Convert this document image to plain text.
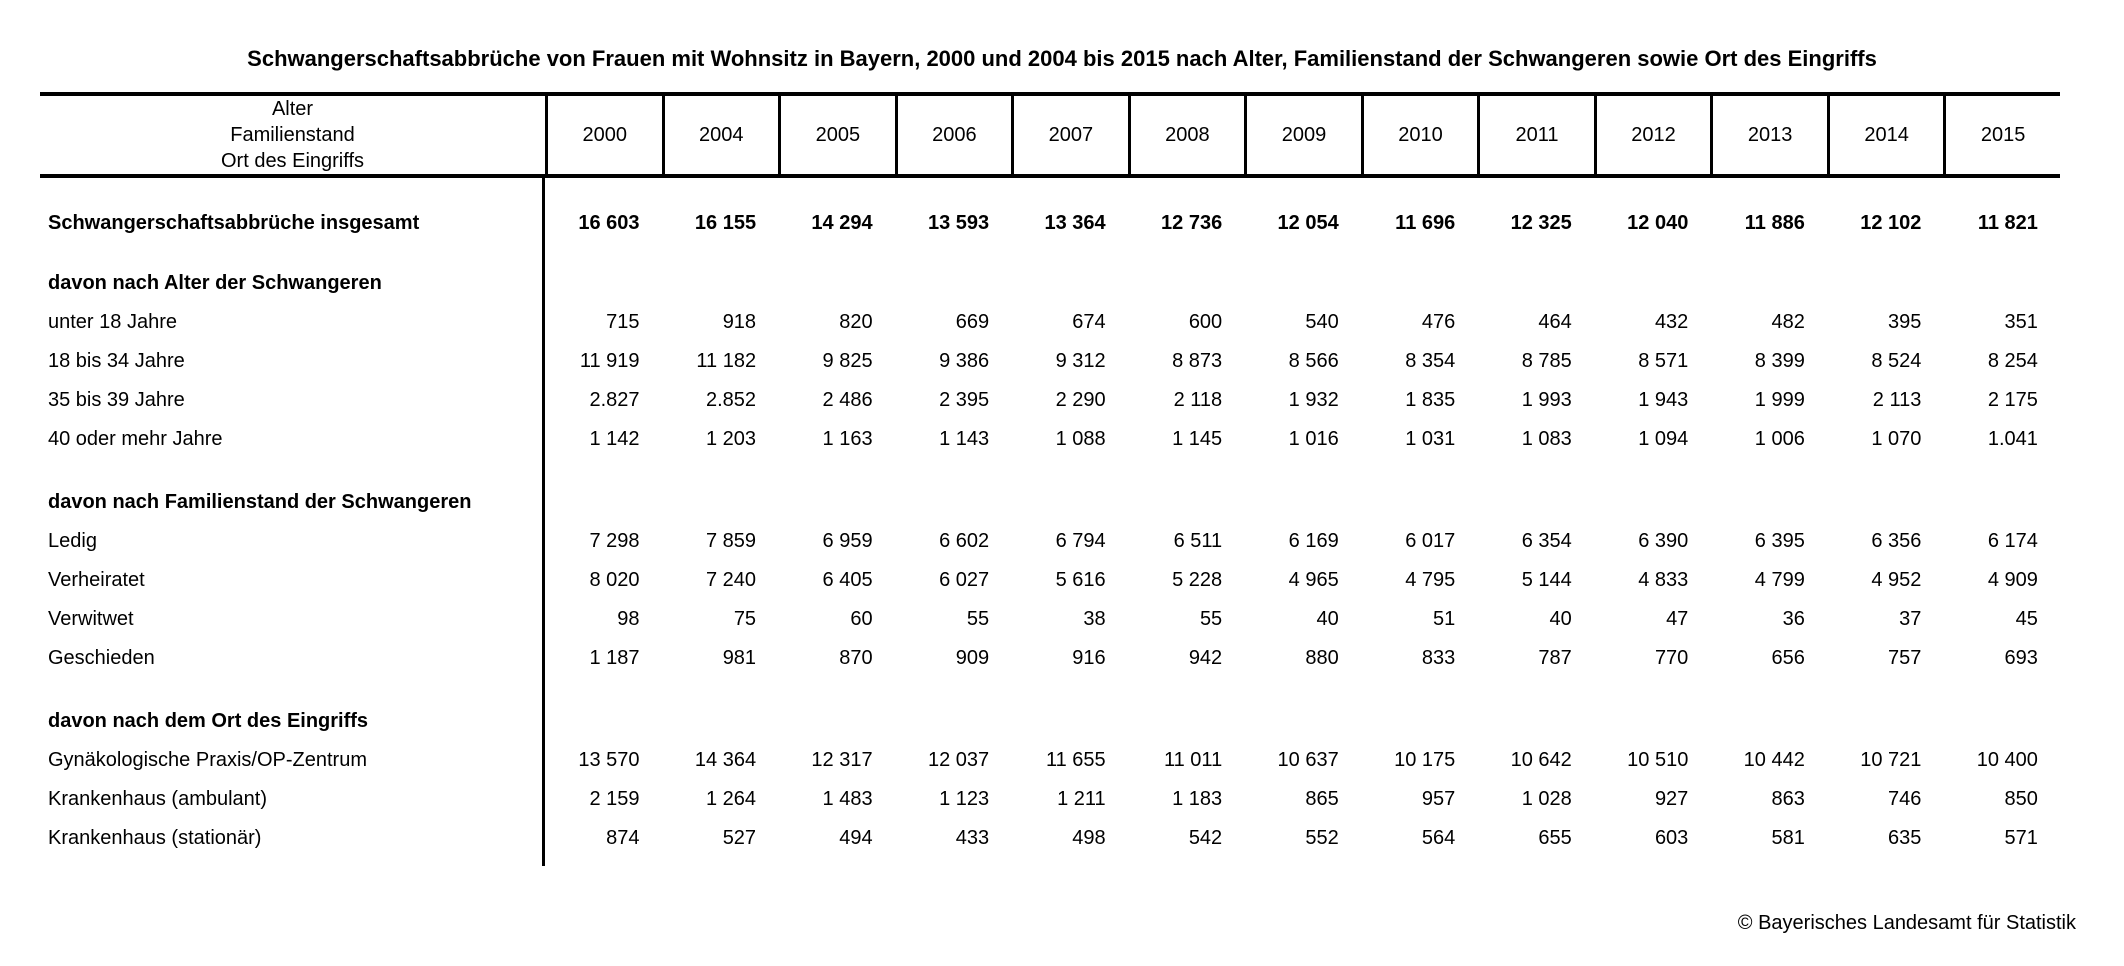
Schwangerschaftsabbrüche von Frauen mit Wohnsitz in Bayern, 2000 und 2004 bis 2015 nach Alter, Familienstand der Schwangeren sowie Ort des Eingriffs
Alter
Familienstand
Ort des Eingriffs
2000	2004	2005	2006	2007	2008	2009	2010	2011	2012	2013	2014	2015
Schwangerschaftsabbrüche insgesamt	16 603	16 155	14 294	13 593	13 364	12 736	12 054	11 696	12 325	12 040	11 886	12 102	11 821
davon nach Alter der Schwangeren
unter 18 Jahre	715	918	820	669	674	600	540	476	464	432	482	395	351
18 bis 34 Jahre	11 919	11 182	9 825	9 386	9 312	8 873	8 566	8 354	8 785	8 571	8 399	8 524	8 254
35 bis 39 Jahre	2.827	2.852	2 486	2 395	2 290	2 118	1 932	1 835	1 993	1 943	1 999	2 113	2 175
40 oder mehr Jahre	1 142	1 203	1 163	1 143	1 088	1 145	1 016	1 031	1 083	1 094	1 006	1 070	1.041
davon nach Familienstand der Schwangeren
Ledig	7 298	7 859	6 959	6 602	6 794	6 511	6 169	6 017	6 354	6 390	6 395	6 356	6 174
Verheiratet	8 020	7 240	6 405	6 027	5 616	5 228	4 965	4 795	5 144	4 833	4 799	4 952	4 909
Verwitwet	98	75	60	55	38	55	40	51	40	47	36	37	45
Geschieden	1 187	981	870	909	916	942	880	833	787	770	656	757	693
davon nach dem Ort des Eingriffs
Gynäkologische Praxis/OP-Zentrum	13 570	14 364	12 317	12 037	11 655	11 011	10 637	10 175	10 642	10 510	10 442	10 721	10 400
Krankenhaus (ambulant)	2 159	1 264	1 483	1 123	1 211	1 183	865	957	1 028	927	863	746	850
Krankenhaus (stationär)	874	527	494	433	498	542	552	564	655	603	581	635	571
© Bayerisches Landesamt für Statistik
